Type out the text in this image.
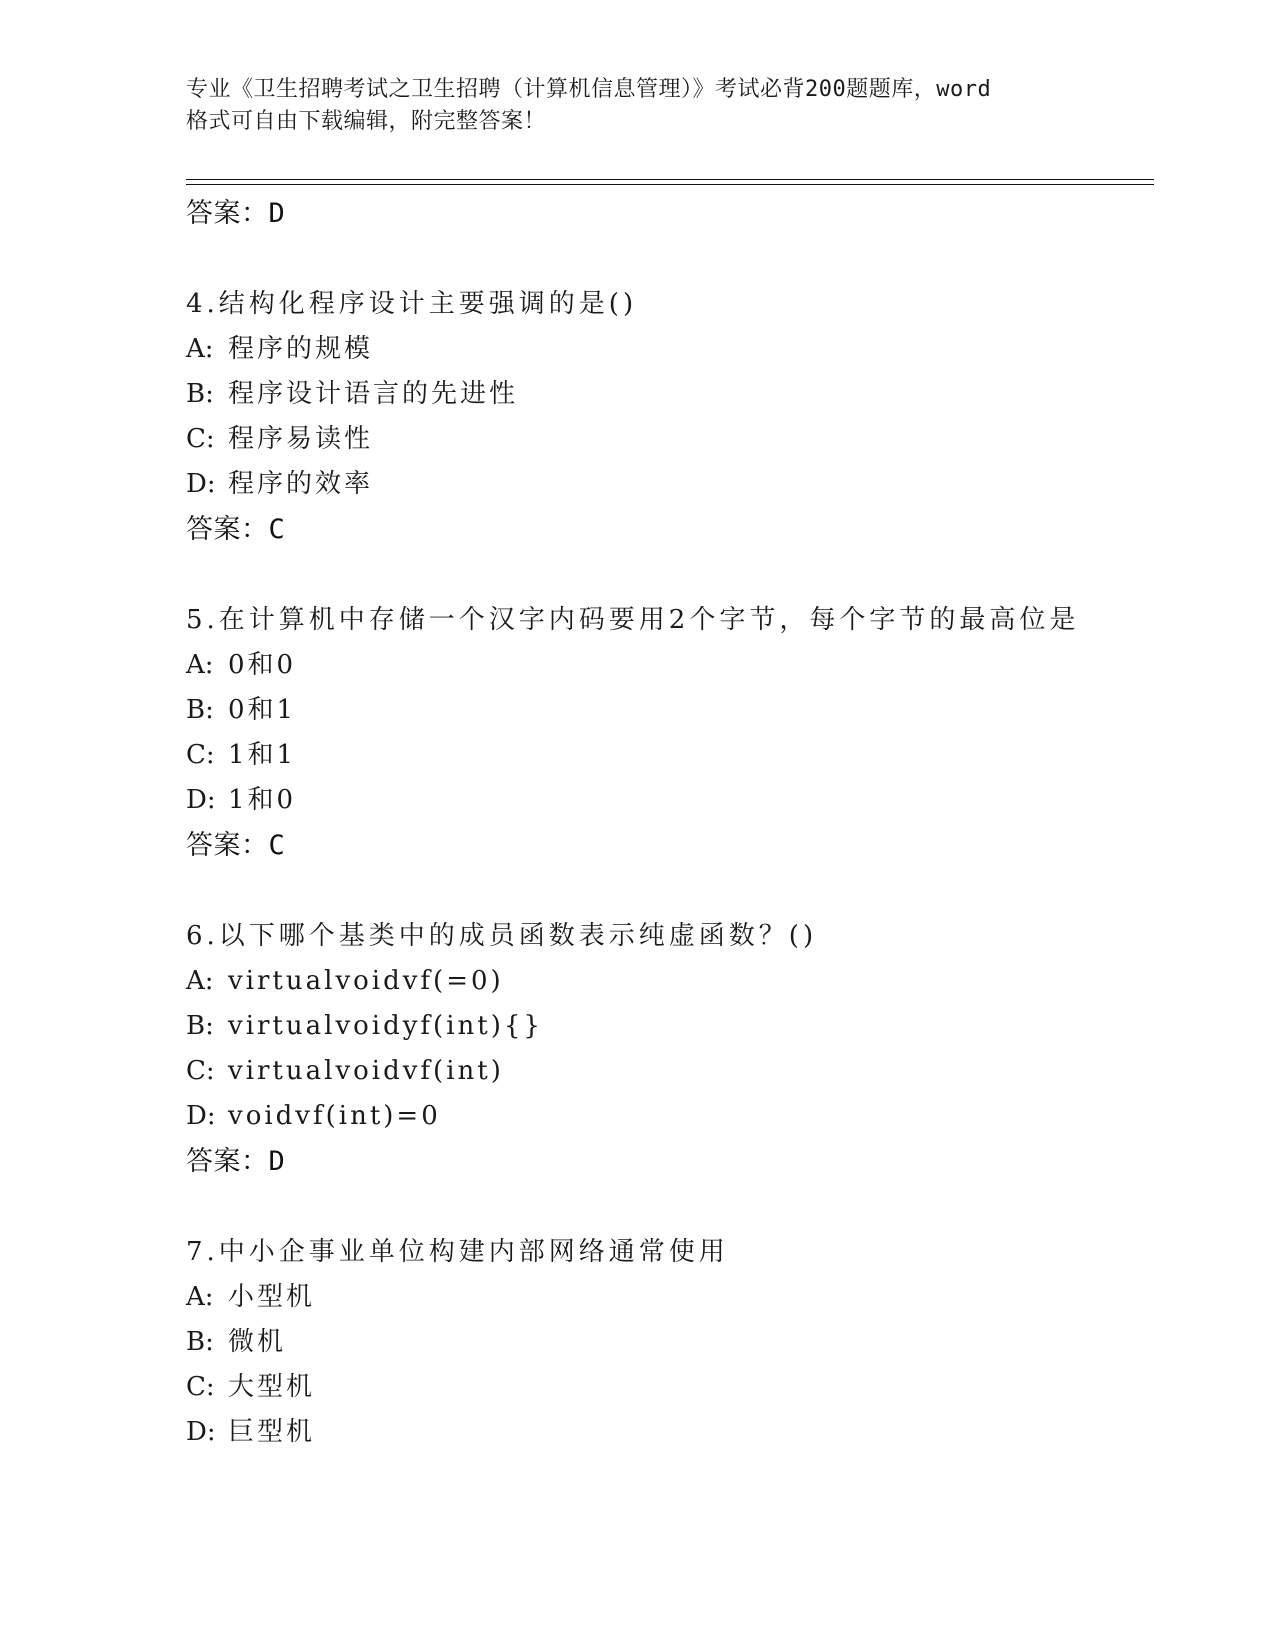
专业《卫生招聘考试之卫生招聘（计算机信息管理）》考试必背200题题库，word
格式可自由下载编辑，附完整答案！
答案：D
4.结构化程序设计主要强调的是()
A: 程序的规模
B: 程序设计语言的先进性
C: 程序易读性
D: 程序的效率
答案：C
5.在计算机中存储一个汉字内码要用2个字节，每个字节的最高位是
A: 0和0
B: 0和1
C: 1和1
D: 1和0
答案：C
6.以下哪个基类中的成员函数表示纯虚函数？()
A: virtualvoidvf(=0)
B: virtualvoidyf(int){}
C: virtualvoidvf(int)
D: voidvf(int)=0
答案：D
7.中小企事业单位构建内部网络通常使用
A: 小型机
B: 微机
C: 大型机
D: 巨型机
